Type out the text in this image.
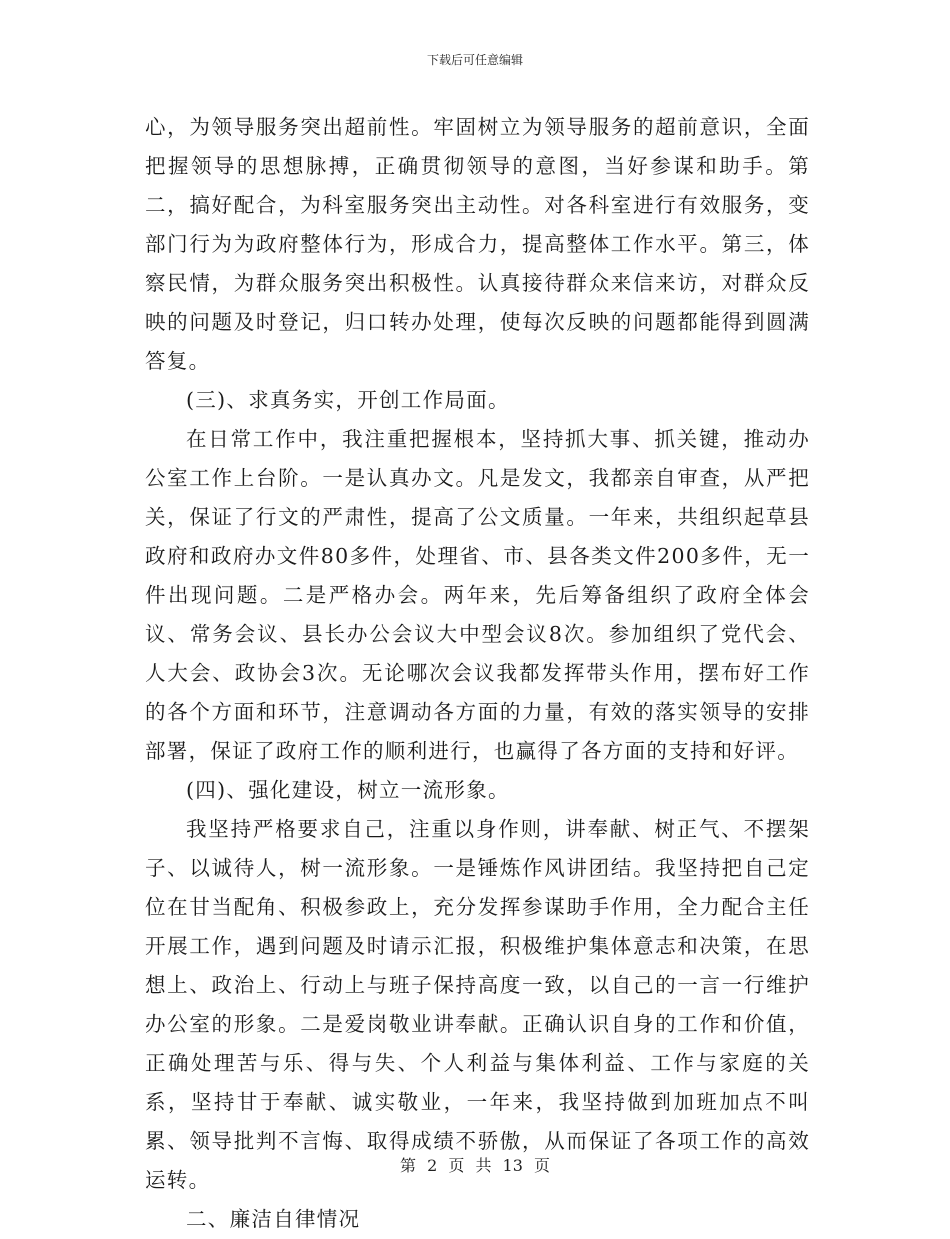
下载后可任意编辑

心，为领导服务突出超前性。牢固树立为领导服务的超前意识，全面把握领导的思想脉搏，正确贯彻领导的意图，当好参谋和助手。第二，搞好配合，为科室服务突出主动性。对各科室进行有效服务，变部门行为为政府整体行为，形成合力，提高整体工作水平。第三，体察民情，为群众服务突出积极性。认真接待群众来信来访，对群众反映的问题及时登记，归口转办处理，使每次反映的问题都能得到圆满答复。

(三)、求真务实，开创工作局面。

在日常工作中，我注重把握根本，坚持抓大事、抓关键，推动办公室工作上台阶。一是认真办文。凡是发文，我都亲自审查，从严把关，保证了行文的严肃性，提高了公文质量。一年来，共组织起草县政府和政府办文件80多件，处理省、市、县各类文件200多件，无一件出现问题。二是严格办会。两年来，先后筹备组织了政府全体会议、常务会议、县长办公会议大中型会议8次。参加组织了党代会、人大会、政协会3次。无论哪次会议我都发挥带头作用，摆布好工作的各个方面和环节，注意调动各方面的力量，有效的落实领导的安排部署，保证了政府工作的顺利进行，也赢得了各方面的支持和好评。

(四)、强化建设，树立一流形象。

我坚持严格要求自己，注重以身作则，讲奉献、树正气、不摆架子、以诚待人，树一流形象。一是锤炼作风讲团结。我坚持把自己定位在甘当配角、积极参政上，充分发挥参谋助手作用，全力配合主任开展工作，遇到问题及时请示汇报，积极维护集体意志和决策，在思想上、政治上、行动上与班子保持高度一致，以自己的一言一行维护办公室的形象。二是爱岗敬业讲奉献。正确认识自身的工作和价值，正确处理苦与乐、得与失、个人利益与集体利益、工作与家庭的关系，坚持甘于奉献、诚实敬业，一年来，我坚持做到加班加点不叫累、领导批判不言悔、取得成绩不骄傲，从而保证了各项工作的高效运转。

二、廉洁自律情况

第 2 页 共 13 页
